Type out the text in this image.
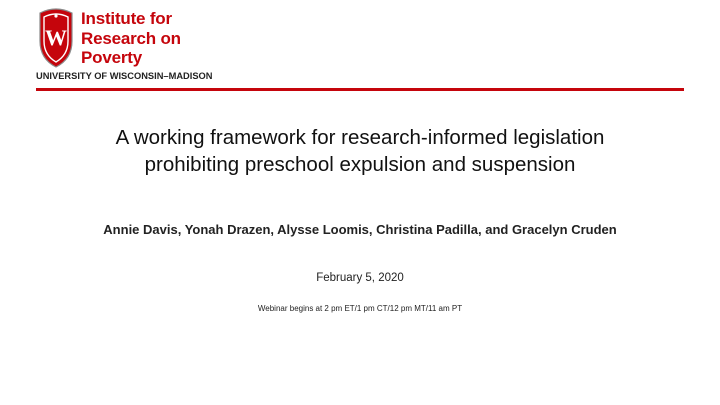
W
Institute for
Research on
Poverty
UNIVERSITY OF WISCONSIN–MADISON
A working framework for research-informed legislation
prohibiting preschool expulsion and suspension
Annie Davis, Yonah Drazen, Alysse Loomis, Christina Padilla, and Gracelyn Cruden
February 5, 2020
Webinar begins at 2 pm ET/1 pm CT/12 pm MT/11 am PT
